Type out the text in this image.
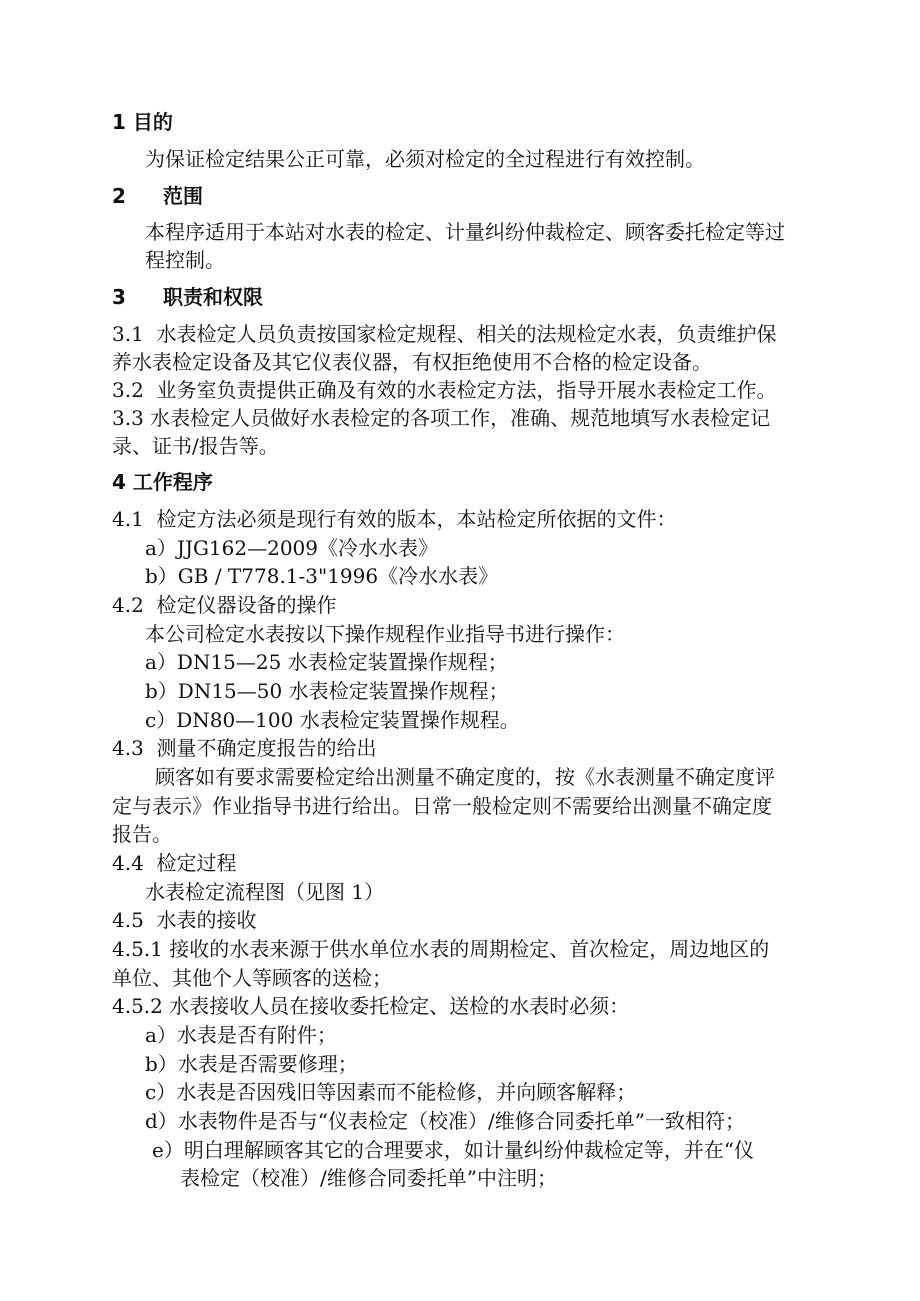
1 目的
为保证检定结果公正可靠，必须对检定的全过程进行有效控制。
2 范围
本程序适用于本站对水表的检定、计量纠纷仲裁检定、顾客委托检定等过
程控制。
3 职责和权限
3.1  水表检定人员负责按国家检定规程、相关的法规检定水表，负责维护保
养水表检定设备及其它仪表仪器，有权拒绝使用不合格的检定设备。
3.2  业务室负责提供正确及有效的水表检定方法，指导开展水表检定工作。
3.3 水表检定人员做好水表检定的各项工作，准确、规范地填写水表检定记
录、证书/报告等。
4 工作程序
4.1  检定方法必须是现行有效的版本，本站检定所依据的文件：
a）JJG162—2009《冷水水表》
b）GB / T778.1-3"1996《冷水水表》
4.2  检定仪器设备的操作
本公司检定水表按以下操作规程作业指导书进行操作：
a）DN15—25 水表检定装置操作规程；
b）DN15—50 水表检定装置操作规程；
c）DN80—100 水表检定装置操作规程。
4.3  测量不确定度报告的给出
顾客如有要求需要检定给出测量不确定度的，按《水表测量不确定度评
定与表示》作业指导书进行给出。日常一般检定则不需要给出测量不确定度
报告。
4.4  检定过程
水表检定流程图（见图 1）
4.5  水表的接收
4.5.1 接收的水表来源于供水单位水表的周期检定、首次检定，周边地区的
单位、其他个人等顾客的送检；
4.5.2 水表接收人员在接收委托检定、送检的水表时必须：
a）水表是否有附件；
b）水表是否需要修理；
c）水表是否因残旧等因素而不能检修，并向顾客解释；
d）水表物件是否与“仪表检定（校准）/维修合同委托单”一致相符；
e）明白理解顾客其它的合理要求，如计量纠纷仲裁检定等，并在“仪
表检定（校准）/维修合同委托单”中注明；
